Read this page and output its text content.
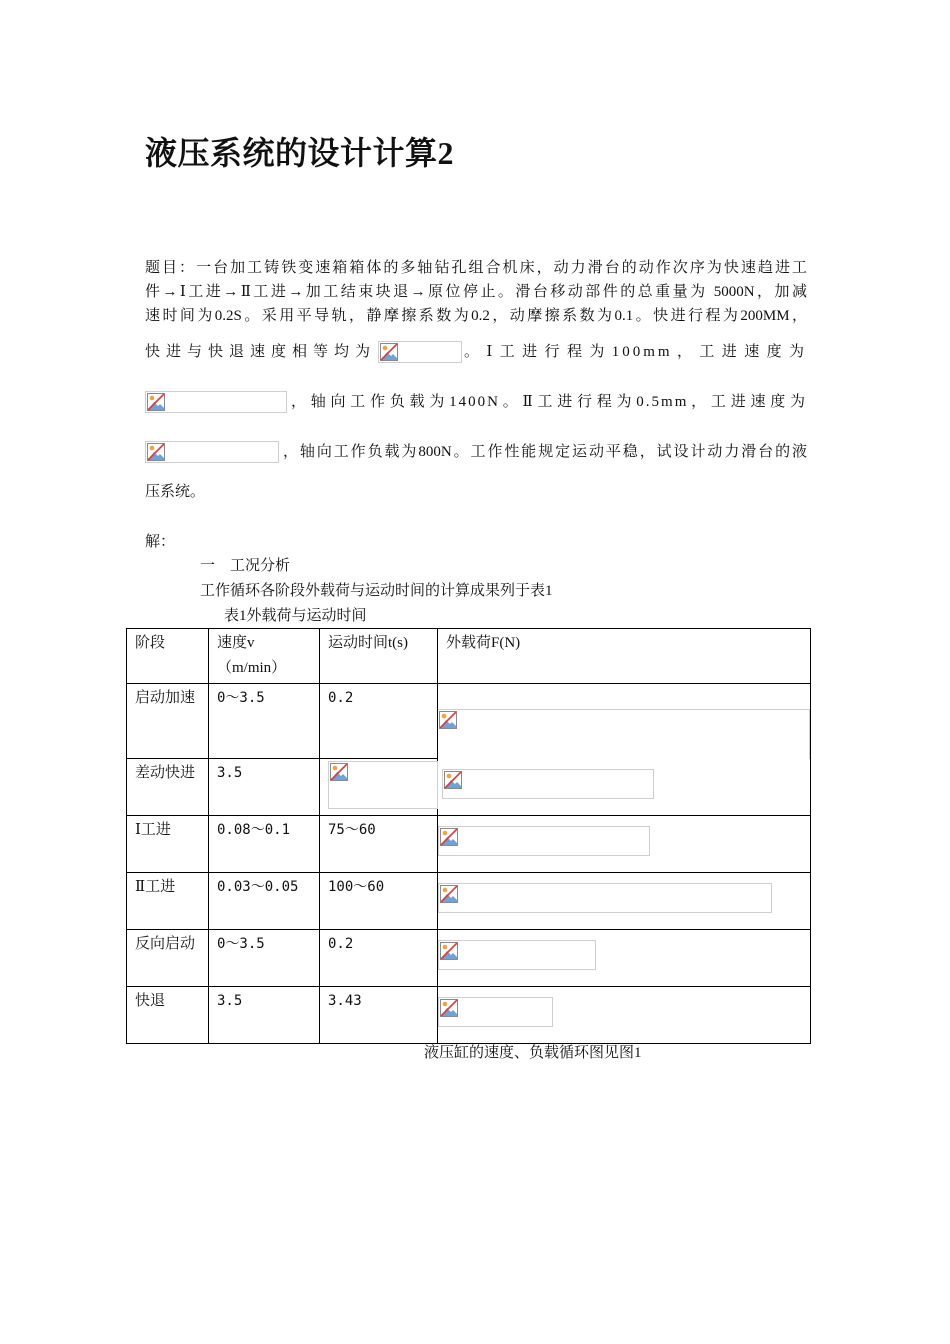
液压系统的设计计算2
题目：一台加工铸铁变速箱箱体的多轴钻孔组合机床，动力滑台的动作次序为快速趋进工
件→Ⅰ工进→Ⅱ工进→加工结束块退→原位停止。滑台移动部件的总重量为 5000N，加减
速时间为0.2S。采用平导轨，静摩擦系数为0.2，动摩擦系数为0.1。快进行程为200MM，
快进与快退速度相等均为	。Ⅰ工进行程为100mm，工进速度为
，轴向工作负载为1400N。Ⅱ工进行程为0.5mm，工进速度为
，轴向工作负载为800N。工作性能规定运动平稳，试设计动力滑台的液
压系统。
解：
一　工况分析
工作循环各阶段外载荷与运动时间的计算成果列于表1
表1外载荷与运动时间
阶段	速度v（m/min）	运动时间t(s)	外载荷F(N)
启动加速	0～3.5	0.2	

差动快进	3.5	

Ⅰ工进	0.08～0.1	75～60	

Ⅱ工进	0.03～0.05	100～60	

反向启动	0～3.5	0.2	

快退	3.5	3.43	
液压缸的速度、负载循环图见图1
